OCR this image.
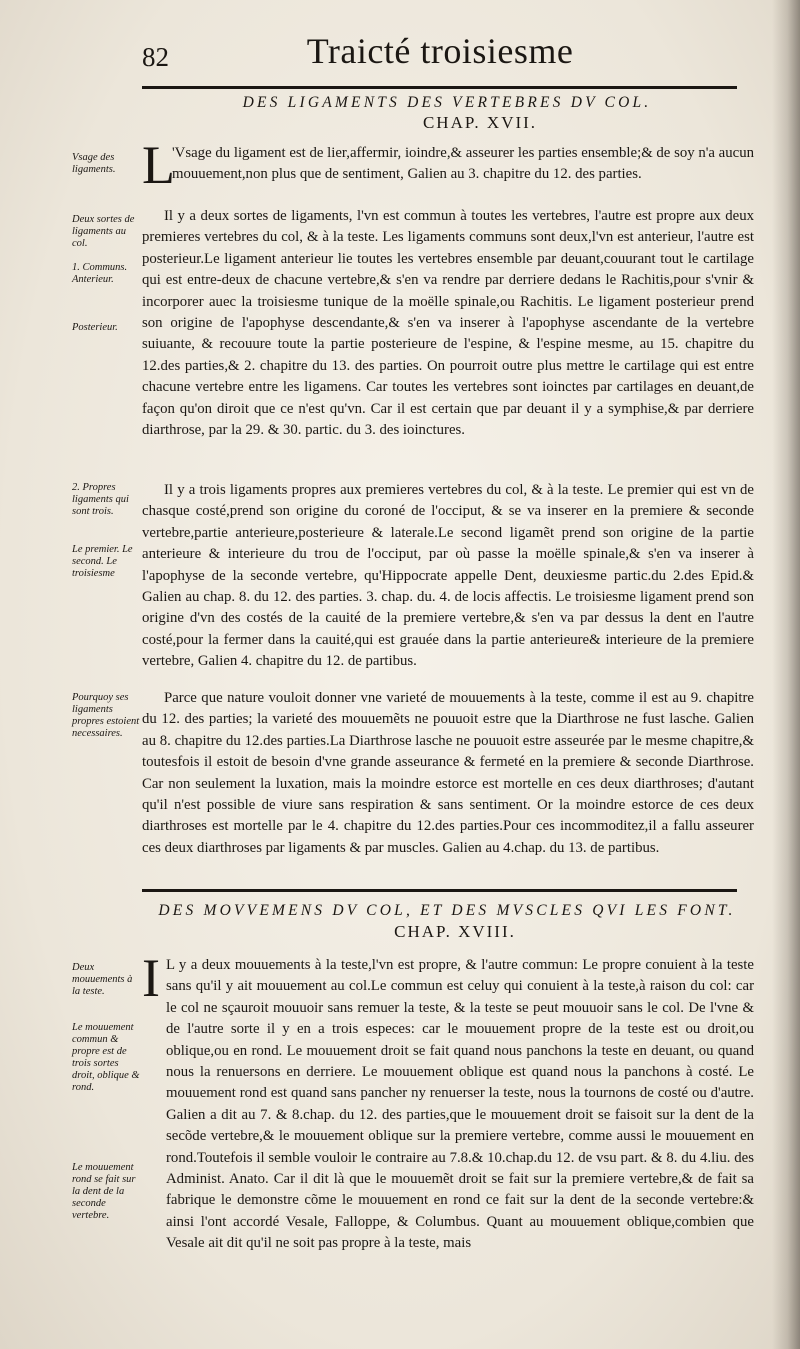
82	Traicté troisiesme
DES LIGAMENTS DES VERTEBRES DV COL.
CHAP. XVII.
Vsage des ligaments.
Deux sortes de ligaments au col.
1. Communs. Anterieur.
Posterieur.
2. Propres ligaments qui sont trois.
Le premier. Le second. Le troisiesme
Pourquoy ses ligaments propres estoient necessaires.
Deux mouuements à la teste.
Le mouuement commun & propre est de trois sortes droit, oblique & rond.
Le mouuement rond se fait sur la dent de la seconde vertebre.
L
'Vsage du ligament est de lier,affermir, ioindre,& asseurer les parties ensemble;& de soy n'a aucun mouuement,non plus que de sentiment, Galien au 3. chapitre du 12. des parties.
Il y a deux sortes de ligaments, l'vn est commun à toutes les vertebres, l'autre est propre aux deux premieres vertebres du col, & à la teste. Les ligaments communs sont deux,l'vn est anterieur, l'autre est posterieur.Le ligament anterieur lie toutes les vertebres ensemble par deuant,couurant tout le cartilage qui est entre-deux de chacune vertebre,& s'en va rendre par derriere dedans le Rachitis,pour s'vnir & incorporer auec la troisiesme tunique de la moëlle spinale,ou Rachitis. Le ligament posterieur prend son origine de l'apophyse descendante,& s'en va inserer à l'apophyse ascendante de la vertebre suiuante, & recouure toute la partie posterieure de l'espine, & l'espine mesme, au 15. chapitre du 12.des parties,& 2. chapitre du 13. des parties. On pourroit outre plus mettre le cartilage qui est entre chacune vertebre entre les ligamens. Car toutes les vertebres sont ioinctes par cartilages en deuant,de façon qu'on diroit que ce n'est qu'vn. Car il est certain que par deuant il y a symphise,& par derriere diarthrose, par la 29. & 30. partic. du 3. des ioinctures.
Il y a trois ligaments propres aux premieres vertebres du col, & à la teste. Le premier qui est vn de chasque costé,prend son origine du coroné de l'occiput, & se va inserer en la premiere & seconde vertebre,partie anterieure,posterieure & laterale.Le second ligamẽt prend son origine de la partie anterieure & interieure du trou de l'occiput, par où passe la moëlle spinale,& s'en va inserer à l'apophyse de la seconde vertebre, qu'Hippocrate appelle Dent, deuxiesme partic.du 2.des Epid.& Galien au chap. 8. du 12. des parties. 3. chap. du. 4. de locis affectis. Le troisiesme ligament prend son origine d'vn des costés de la cauité de la premiere vertebre,& s'en va par dessus la dent en l'autre costé,pour la fermer dans la cauité,qui est grauée dans la partie anterieure& interieure de la premiere vertebre, Galien 4. chapitre du 12. de partibus.
Parce que nature vouloit donner vne varieté de mouuements à la teste, comme il est au 9. chapitre du 12. des parties; la varieté des mouuemẽts ne pouuoit estre que la Diarthrose ne fust lasche. Galien au 8. chapitre du 12.des parties.La Diarthrose lasche ne pouuoit estre asseurée par le mesme chapitre,& toutesfois il estoit de besoin d'vne grande asseurance & fermeté en la premiere & seconde Diarthrose. Car non seulement la luxation, mais la moindre estorce est mortelle en ces deux diarthroses; d'autant qu'il n'est possible de viure sans respiration & sans sentiment. Or la moindre estorce de ces deux diarthroses est mortelle par le 4. chapitre du 12.des parties.Pour ces incommoditez,il a fallu asseurer ces deux diarthroses par ligaments & par muscles. Galien au 4.chap. du 13. de partibus.
DES MOVVEMENS DV COL, ET DES MVSCLES QVI LES FONT.
CHAP. XVIII.
I L y a deux mouuements à la teste,l'vn est propre, & l'autre commun: Le propre conuient à la teste sans qu'il y ait mouuement au col.Le commun est celuy qui conuient à la teste,à raison du col: car le col ne sçauroit mouuoir sans remuer la teste, & la teste se peut mouuoir sans le col. De l'vne & de l'autre sorte il y en a trois especes: car le mouuement propre de la teste est ou droit,ou oblique,ou en rond. Le mouuement droit se fait quand nous panchons la teste en deuant, ou quand nous la renuersons en derriere. Le mouuement oblique est quand nous la panchons à costé. Le mouuement rond est quand sans pancher ny renuerser la teste, nous la tournons de costé ou d'autre. Galien a dit au 7. & 8.chap. du 12. des parties,que le mouuement droit se faisoit sur la dent de la secõde vertebre,& le mouuement oblique sur la premiere vertebre, comme aussi le mouuement en rond.Toutefois il semble vouloir le contraire au 7.8.& 10.chap.du 12. de vsu part. & 8. du 4.liu. des Administ. Anato. Car il dit là que le mouuemẽt droit se fait sur la premiere vertebre,& de fait sa fabrique le demonstre cõme le mouuement en rond ce fait sur la dent de la seconde vertebre:& ainsi l'ont accordé Vesale, Falloppe, & Columbus. Quant au mouuement oblique,combien que Vesale ait dit qu'il ne soit pas propre à la teste, mais
